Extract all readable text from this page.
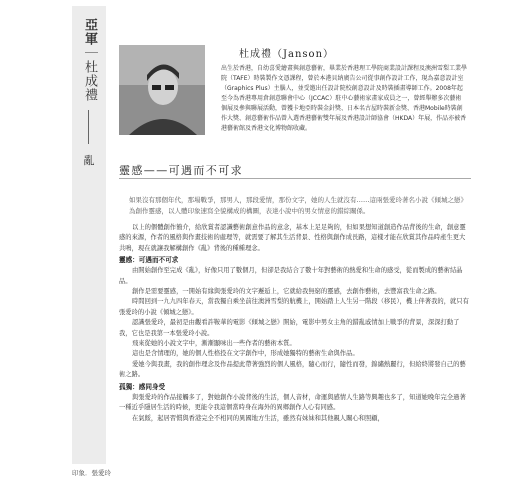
亞軍｜杜成禮
亂
杜成禮（Janson）
出生於香港，自幼喜愛繪畫與創意藝術，畢業於香港理工學院商業設計課程及澳洲雪梨工業學院（TAFE）時裝製作文憑課程，曾於本港貝納廣告公司從事創作設計工作，現為嘉意設計室（Graphics Plus）主腦人，並受邀出任設計院校創意設計及時裝插畫導師工作。2008年起至今為香港專用倉創意聯會中心（JCCAC）駐中心藝術家畫家成員之一，曾經舉辦多次藝術個展及參與聯展活動，曾獲卡地亞時裝金針獎、日本名古屋時裝新金獎、香港Mobile時裝創作大獎、創意藝術作品曾入選香港藝術雙年展及香港設計師協會（HKDA）年展，作品亦被香港藝術館及香港文化博物館收藏。
靈感——可遇而不可求

如果沒有那個年代，那場戰爭，那男人，那段愛情，那份文字，她的人生就沒有……這兩張愛玲著名小說《傾城之戀》為創作靈感，以人體印象速寫全貌構成的構圖，表達小說中的男女情意的錯綜關係。

以上的個體創作簡介，給欣賞者認識藝術創意作品的意念，基本上足足夠的，但如果想知道創造作品背後的生命，創意靈感的來源，作者的風格與作畫技術的處理等，就需要了解其生活背景、性格與創作成長路，這樣才能在欣賞其作品時產生更大共鳴，現在就讓我解構創作《亂》背後的種種理念。

靈感：可遇而不可求

由開始創作至完成《亂》，好像只用了數個月，但卻是我結合了數十年對藝術的熱愛和生命的感受，從而製成的藝術結晶品。

創作是需要靈感，一開始有緣與張愛玲的文字邂逅上，它就給我無窮的靈感，去創作藝術，去豐富我生命之路。

時間回到一九九四年春天，當我獨自乘坐前往澳洲雪梨的航機上，開始踏上人生另一階段（移民），機上伴著我的，就只有張愛玲的小說《傾城之戀》。

認識張愛玲，最初是由觀看許鞍華的電影《傾城之戀》開始，電影中男女主角的錯亂戚情加上戰爭的背景，深深打動了我，它也是我第一本張愛玲小說。

飛來從她的小說文字中，漸漸顯味出一些作者的藝術本質。

這也是含情理的，她的個人性格投在文字創作中，形成她獨特的藝術生命與作品。

愛她今與我畫，我的創作理念及作品提此帶著強烈的個人風格，隨心而行，隨性而發，錦繡熱麗行，但給終將發自己的藝術之路。

孤獨：感同身受

與張愛玲的作品接觸多了，對她創作小說背後的生活，個人音材，命運與感情人生路等興趣也多了，知道她晚年完全過著一種近乎隱居生活的時候，更能令我這個當時身在海外的異鄉創作人心有同感。

在氣餒，起居習慣與香港完全不相同的異國地方生活，雖然有妹妹和其他親人關心和照顧，

印象．張愛玲
